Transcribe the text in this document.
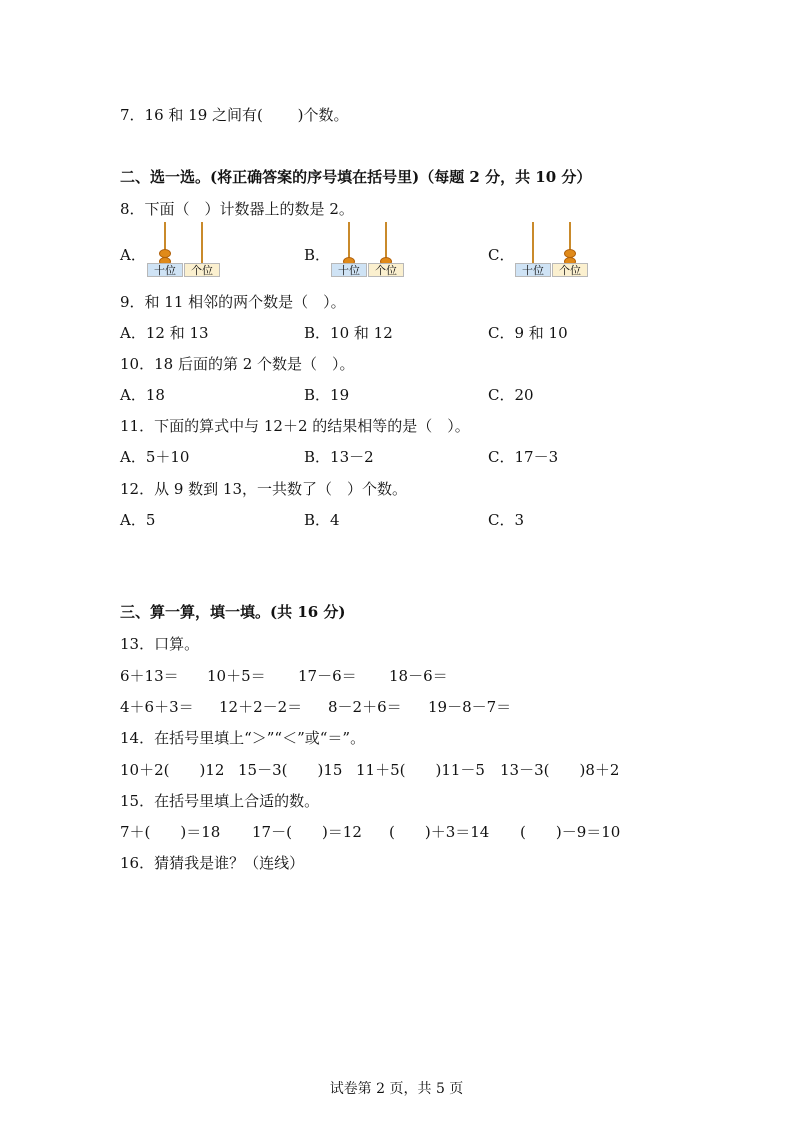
7．16 和 19 之间有(　　 )个数。
二、选一选。(将正确答案的序号填在括号里)（每题 2 分，共 10 分）
8．下面（　）计数器上的数是 2。
A．
十位	个位
B．
十位	个位
C．
十位	个位
9．和 11 相邻的两个数是（　）。
A．12 和 13	B．10 和 12	C．9 和 10
10．18 后面的第 2 个数是（　）。
A．18	B．19	C．20
11．下面的算式中与 12＋2 的结果相等的是（　）。
A．5＋10	B．13－2	C．17－3
12．从 9 数到 13，一共数了（　）个数。
A．5	B．4	C．3
三、算一算，填一填。(共 16 分)
13．口算。
6＋13＝ 10＋5＝ 17－6＝ 18－6＝
4＋6＋3＝ 12＋2－2＝ 8－2＋6＝ 19－8－7＝
14．在括号里填上“＞”“＜”或“＝”。
10＋2(　　)12 15－3(　　)15 11＋5(　　)11－5 13－3(　　)8＋2
15．在括号里填上合适的数。
7＋(　　)＝18 17－(　　)＝12 (　　)＋3＝14 (　　)－9＝10
16．猜猜我是谁？（连线）
试卷第 2 页，共 5 页
